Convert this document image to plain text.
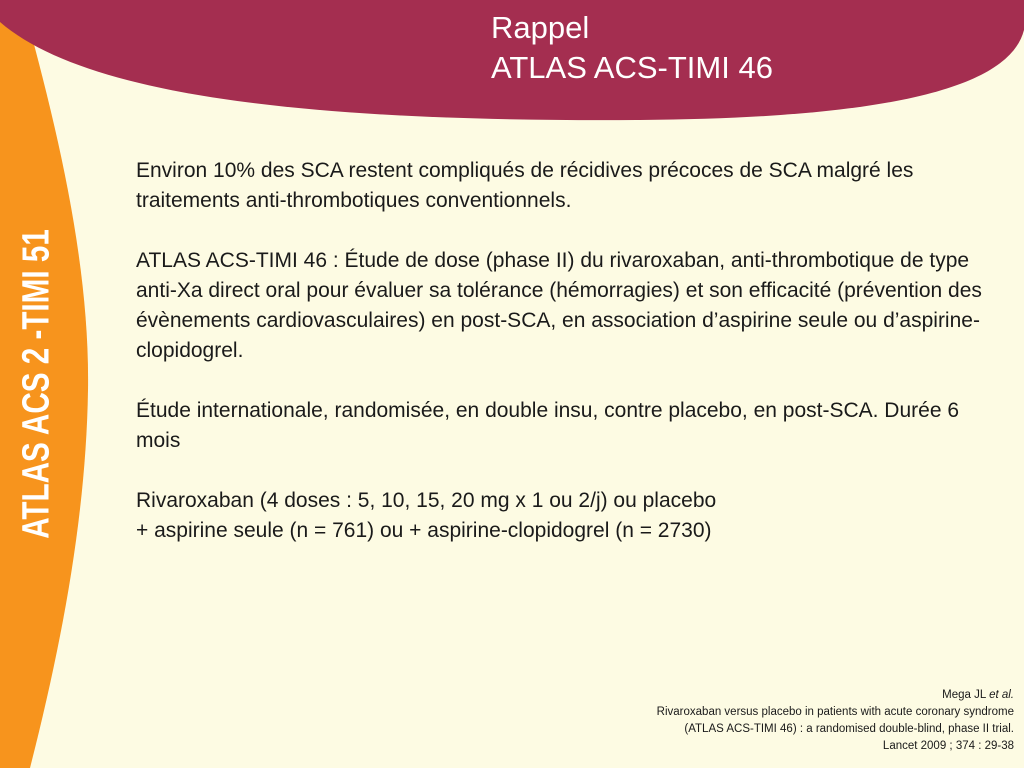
ATLAS ACS 2 -TIMI 51
Rappel
ATLAS ACS-TIMI 46

Environ 10% des SCA restent compliqués de récidives précoces de SCA malgré les traitements anti-thrombotiques conventionnels.

ATLAS ACS-TIMI 46 : Étude de dose (phase II) du rivaroxaban, anti-thrombotique de type anti-Xa direct oral pour évaluer sa tolérance (hémorragies) et son efficacité (prévention des évènements cardiovasculaires) en post-SCA, en association d’aspirine seule ou d’aspirine-clopidogrel.

Étude internationale, randomisée, en double insu, contre placebo, en post-SCA. Durée 6 mois

Rivaroxaban (4 doses : 5, 10, 15, 20 mg x 1 ou 2/j) ou placebo
+ aspirine seule (n = 761) ou + aspirine-clopidogrel (n = 2730)

Mega JL et al.
Rivaroxaban versus placebo in patients with acute coronary syndrome
(ATLAS ACS-TIMI 46) : a randomised double-blind, phase II trial.
Lancet 2009 ; 374 : 29-38
